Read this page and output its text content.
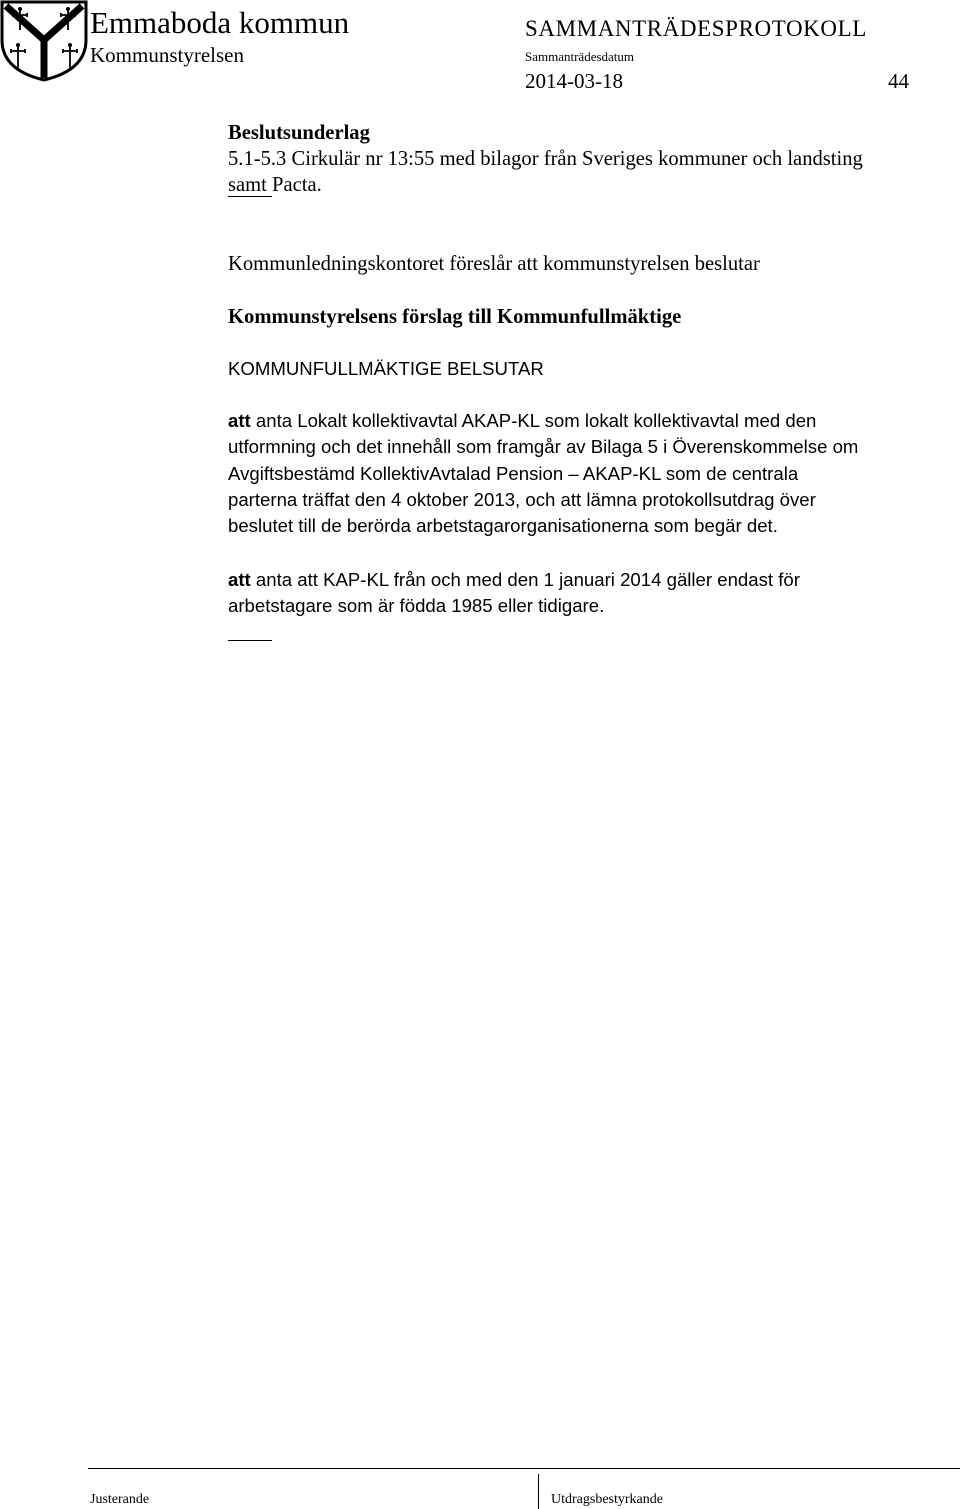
Emmaboda kommun
Kommunstyrelsen
SAMMANTRÄDESPROTOKOLL
Sammanträdesdatum
2014-03-18	44
Beslutsunderlag
5.1-5.3 Cirkulär nr 13:55 med bilagor från Sveriges kommuner och landsting
samt Pacta.
Kommunledningskontoret föreslår att kommunstyrelsen beslutar
Kommunstyrelsens förslag till Kommunfullmäktige
KOMMUNFULLMÄKTIGE BELSUTAR
att anta Lokalt kollektivavtal AKAP-KL som lokalt kollektivavtal med den
utformning och det innehåll som framgår av Bilaga 5 i Överenskommelse om
Avgiftsbestämd KollektivAvtalad Pension – AKAP-KL som de centrala
parterna träffat den 4 oktober 2013, och att lämna protokollsutdrag över
beslutet till de berörda arbetstagarorganisationerna som begär det.
att anta att KAP-KL från och med den 1 januari 2014 gäller endast för
arbetstagare som är födda 1985 eller tidigare.
Justerande	Utdragsbestyrkande
